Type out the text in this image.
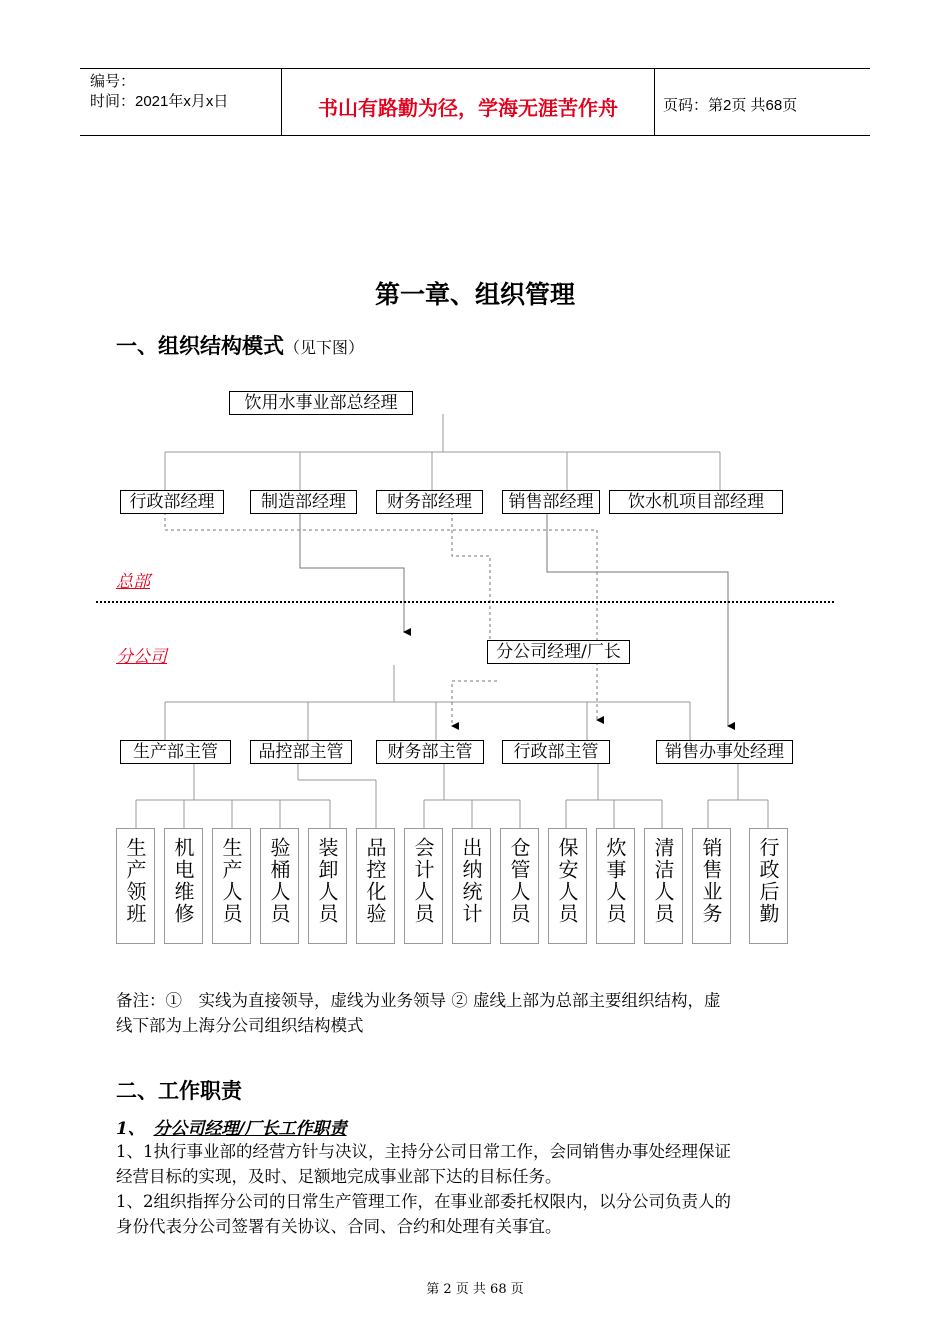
编号：
时间：2021年x月x日	书山有路勤为径，学海无涯苦作舟	页码：第2页 共68页
第一章、组织管理
一、组织结构模式（见下图）
饮用水事业部总经理
行政部经理	制造部经理	财务部经理	销售部经理	饮水机项目部经理
总部
分公司	分公司经理/厂长
生产部主管	品控部主管	财务部主管	行政部主管	销售办事处经理
生产领班	机电维修	生产人员	验桶人员	装卸人员	品控化验	会计人员	出纳统计	仓管人员	保安人员	炊事人员	清洁人员	销售业务	行政后勤
备注：①　实线为直接领导，虚线为业务领导 ② 虚线上部为总部主要组织结构，虚
线下部为上海分公司组织结构模式
二、工作职责
1、　 分公司经理/厂长工作职责
1、1执行事业部的经营方针与决议，主持分公司日常工作，会同销售办事处经理保证
经营目标的实现，及时、足额地完成事业部下达的目标任务。
1、2组织指挥分公司的日常生产管理工作，在事业部委托权限内，以分公司负责人的
身份代表分公司签署有关协议、合同、合约和处理有关事宜。
第 2 页 共 68 页
